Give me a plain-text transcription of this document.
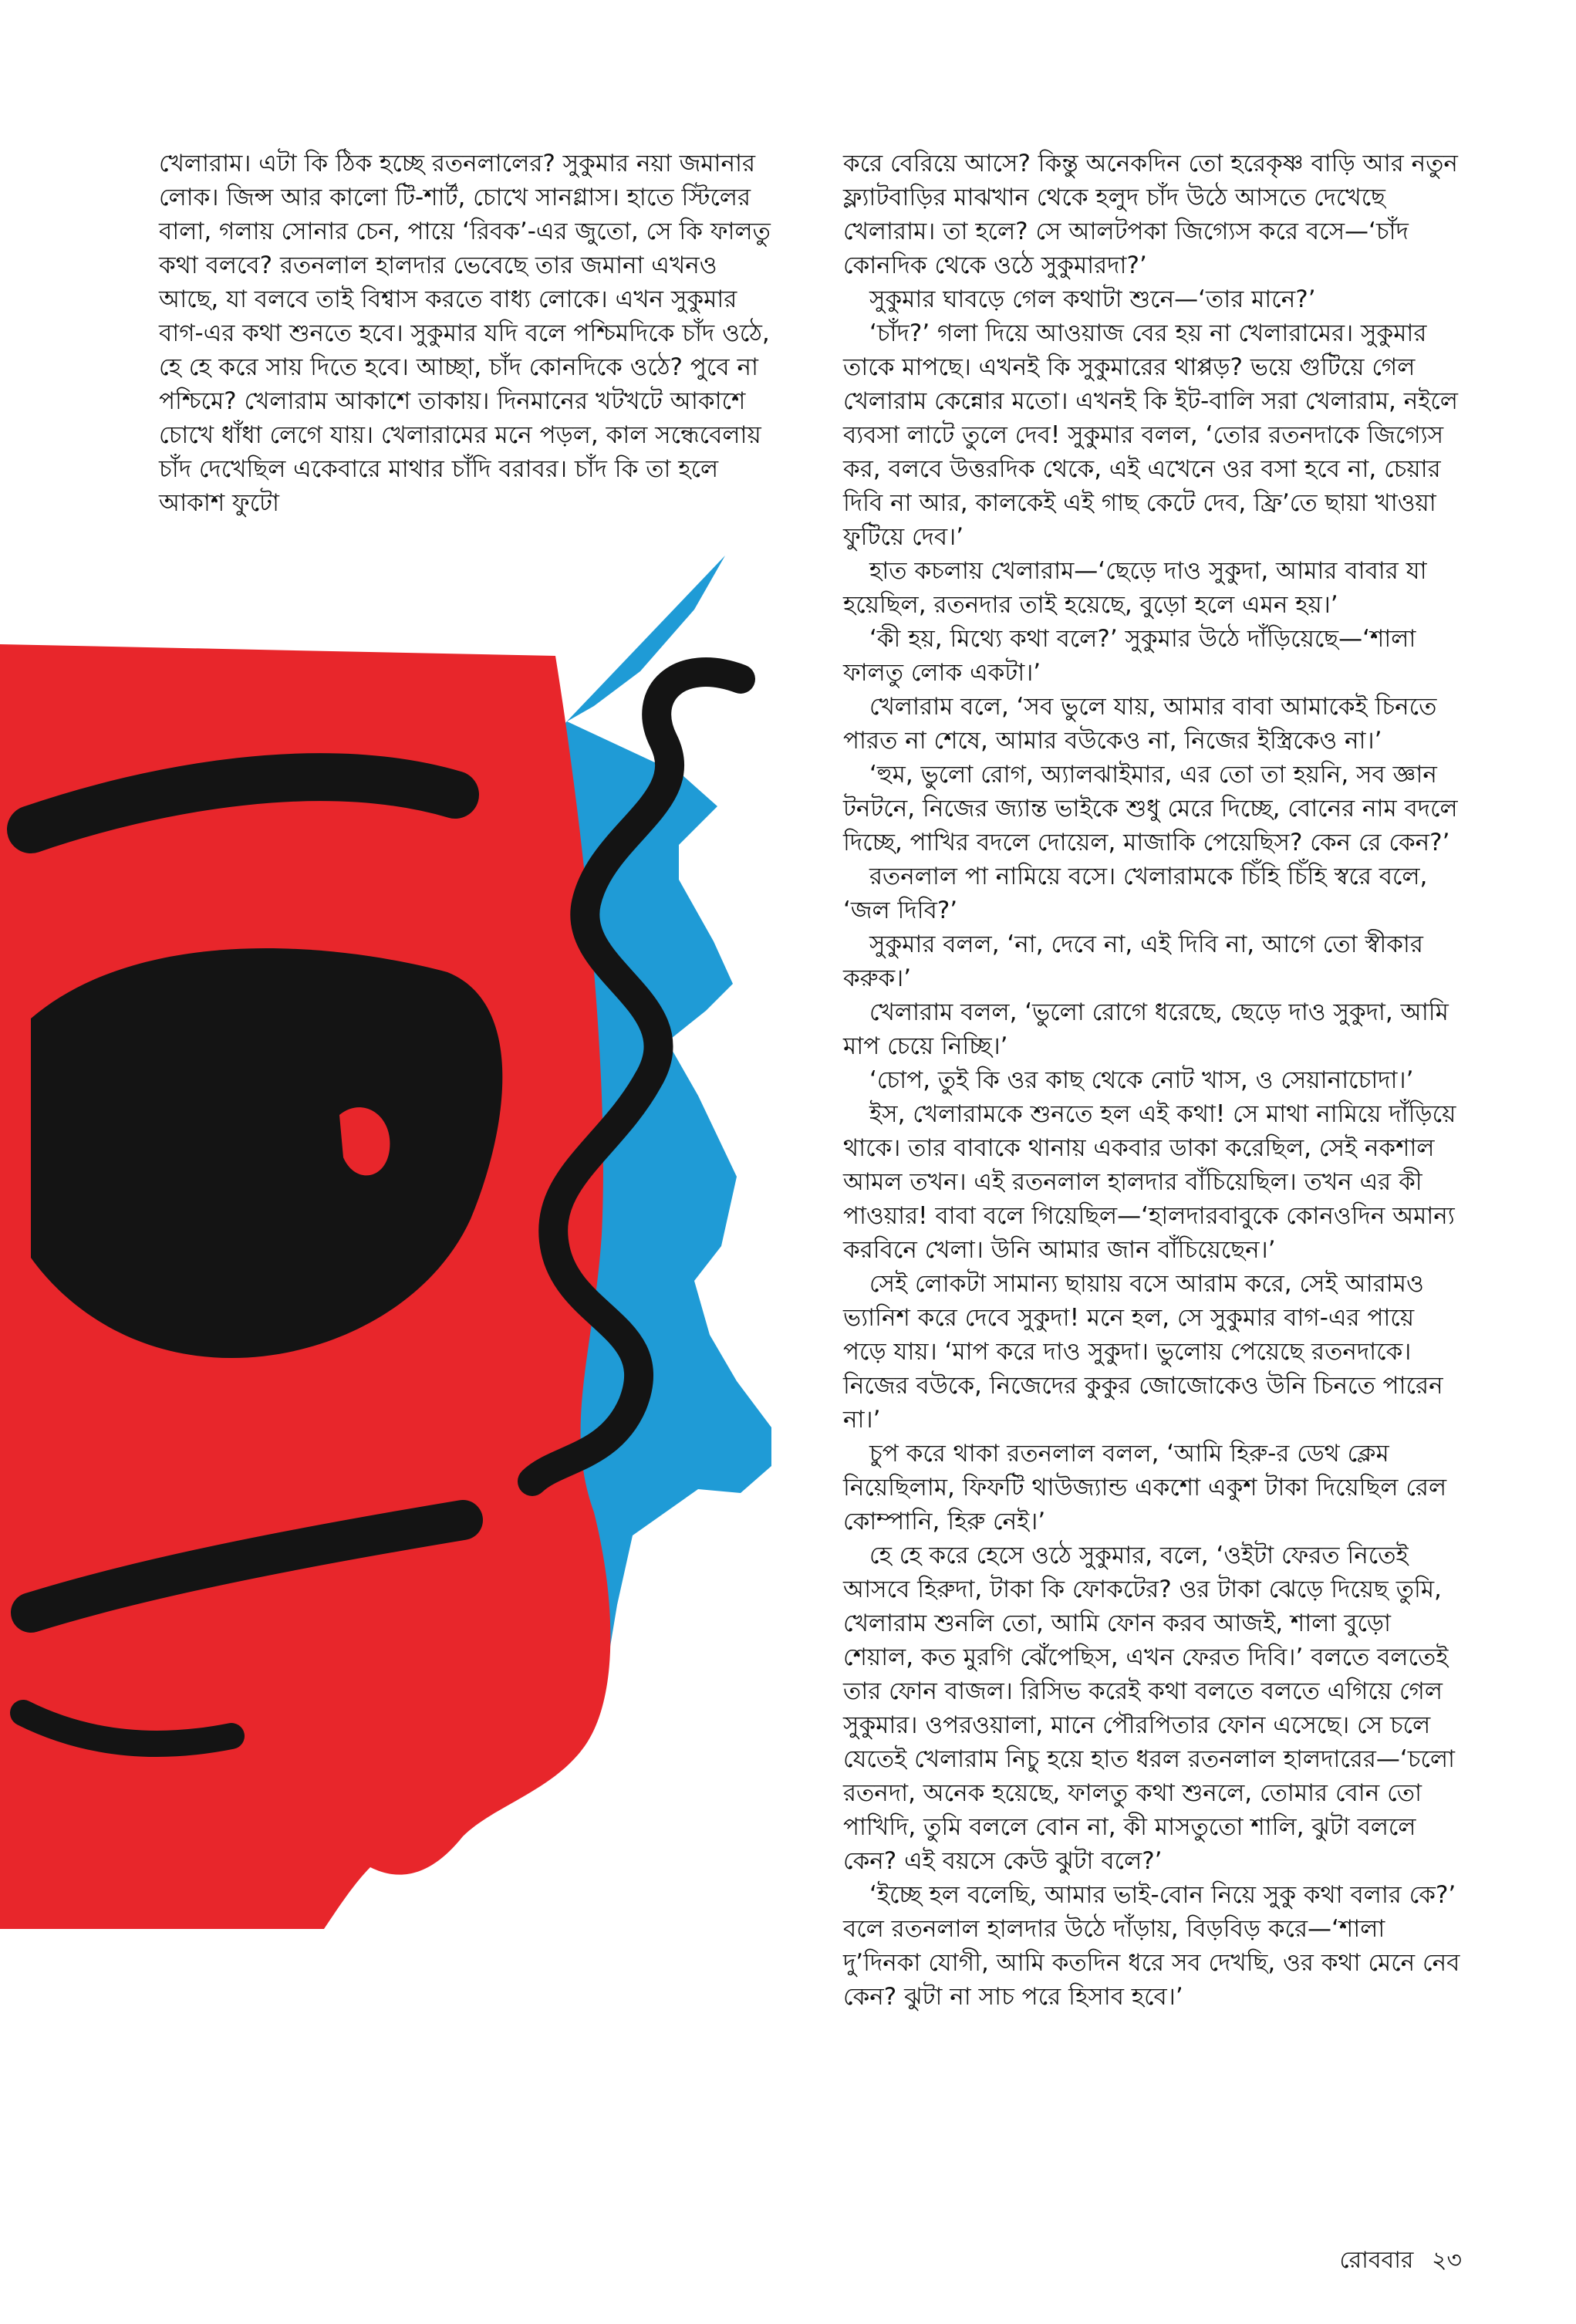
খেলারাম। এটা কি ঠিক হচ্ছে রতনলালের? সুকুমার নয়া জমানার লোক। জিন্স আর কালো টি-শার্ট, চোখে সানগ্লাস। হাতে স্টিলের বালা, গলায় সোনার চেন, পায়ে ‘রিবক’-এর জুতো, সে কি ফালতু কথা বলবে? রতনলাল হালদার ভেবেছে তার জমানা এখনও আছে, যা বলবে তাই বিশ্বাস করতে বাধ্য লোকে। এখন সুকুমার বাগ-এর কথা শুনতে হবে। সুকুমার যদি বলে পশ্চিমদিকে চাঁদ ওঠে, হে হে করে সায় দিতে হবে। আচ্ছা, চাঁদ কোনদিকে ওঠে? পুবে না পশ্চিমে? খেলারাম আকাশে তাকায়। দিনমানের খটখটে আকাশে চোখে ধাঁধা লেগে যায়। খেলারামের মনে পড়ল, কাল সন্ধেবেলায় চাঁদ দেখেছিল একেবারে মাথার চাঁদি বরাবর। চাঁদ কি তা হলে আকাশ ফুটো

করে বেরিয়ে আসে? কিন্তু অনেকদিন তো হরেকৃষ্ণ বাড়ি আর নতুন ফ্ল্যাটবাড়ির মাঝখান থেকে হলুদ চাঁদ উঠে আসতে দেখেছে খেলারাম। তা হলে? সে আলটপকা জিগ্যেস করে বসে—‘চাঁদ কোনদিক থেকে ওঠে সুকুমারদা?’

সুকুমার ঘাবড়ে গেল কথাটা শুনে—‘তার মানে?’

‘চাঁদ?’ গলা দিয়ে আওয়াজ বের হয় না খেলারামের। সুকুমার তাকে মাপছে। এখনই কি সুকুমারের থাপ্পড়? ভয়ে গুটিয়ে গেল খেলারাম কেন্নোর মতো। এখনই কি ইট-বালি সরা খেলারাম, নইলে ব্যবসা লাটে তুলে দেব! সুকুমার বলল, ‘তোর রতনদাকে জিগ্যেস কর, বলবে উত্তরদিক থেকে, এই এখেনে ওর বসা হবে না, চেয়ার দিবি না আর, কালকেই এই গাছ কেটে দেব, ফ্রি’তে ছায়া খাওয়া ফুটিয়ে দেব।’

হাত কচলায় খেলারাম—‘ছেড়ে দাও সুকুদা, আমার বাবার যা হয়েছিল, রতনদার তাই হয়েছে, বুড়ো হলে এমন হয়।’

‘কী হয়, মিথ্যে কথা বলে?’ সুকুমার উঠে দাঁড়িয়েছে—‘শালা ফালতু লোক একটা।’

খেলারাম বলে, ‘সব ভুলে যায়, আমার বাবা আমাকেই চিনতে পারত না শেষে, আমার বউকেও না, নিজের ইস্ত্রিকেও না।’

‘হুম, ভুলো রোগ, অ্যালঝাইমার, এর তো তা হয়নি, সব জ্ঞান টনটনে, নিজের জ্যান্ত ভাইকে শুধু মেরে দিচ্ছে, বোনের নাম বদলে দিচ্ছে, পাখির বদলে দোয়েল, মাজাকি পেয়েছিস? কেন রে কেন?’

রতনলাল পা নামিয়ে বসে। খেলারামকে চিঁহি চিঁহি স্বরে বলে, ‘জল দিবি?’

সুকুমার বলল, ‘না, দেবে না, এই দিবি না, আগে তো স্বীকার করুক।’

খেলারাম বলল, ‘ভুলো রোগে ধরেছে, ছেড়ে দাও সুকুদা, আমি মাপ চেয়ে নিচ্ছি।’

‘চোপ, তুই কি ওর কাছ থেকে নোট খাস, ও সেয়ানাচোদা।’

ইস, খেলারামকে শুনতে হল এই কথা! সে মাথা নামিয়ে দাঁড়িয়ে থাকে। তার বাবাকে থানায় একবার ডাকা করেছিল, সেই নকশাল আমল তখন। এই রতনলাল হালদার বাঁচিয়েছিল। তখন এর কী পাওয়ার! বাবা বলে গিয়েছিল—‘হালদারবাবুকে কোনওদিন অমান্য করবিনে খেলা। উনি আমার জান বাঁচিয়েছেন।’

সেই লোকটা সামান্য ছায়ায় বসে আরাম করে, সেই আরামও ভ্যানিশ করে দেবে সুকুদা! মনে হল, সে সুকুমার বাগ-এর পায়ে পড়ে যায়। ‘মাপ করে দাও সুকুদা। ভুলোয় পেয়েছে রতনদাকে। নিজের বউকে, নিজেদের কুকুর জোজোকেও উনি চিনতে পারেন না।’

চুপ করে থাকা রতনলাল বলল, ‘আমি হিরু-র ডেথ ক্লেম নিয়েছিলাম, ফিফটি থাউজ্যান্ড একশো একুশ টাকা দিয়েছিল রেল কোম্পানি, হিরু নেই।’

হে হে করে হেসে ওঠে সুকুমার, বলে, ‘ওইটা ফেরত নিতেই আসবে হিরুদা, টাকা কি ফোকটের? ওর টাকা ঝেড়ে দিয়েছ তুমি, খেলারাম শুনলি তো, আমি ফোন করব আজই, শালা বুড়ো শেয়াল, কত মুরগি ঝেঁপেছিস, এখন ফেরত দিবি।’ বলতে বলতেই তার ফোন বাজল। রিসিভ করেই কথা বলতে বলতে এগিয়ে গেল সুকুমার। ওপরওয়ালা, মানে পৌরপিতার ফোন এসেছে। সে চলে যেতেই খেলারাম নিচু হয়ে হাত ধরল রতনলাল হালদারের—‘চলো রতনদা, অনেক হয়েছে, ফালতু কথা শুনলে, তোমার বোন তো পাখিদি, তুমি বললে বোন না, কী মাসতুতো শালি, ঝুটা বললে কেন? এই বয়সে কেউ ঝুটা বলে?’

‘ইচ্ছে হল বলেছি, আমার ভাই-বোন নিয়ে সুকু কথা বলার কে?’ বলে রতনলাল হালদার উঠে দাঁড়ায়, বিড়বিড় করে—‘শালা দু’দিনকা যোগী, আমি কতদিন ধরে সব দেখছি, ওর কথা মেনে নেব কেন? ঝুটা না সাচ পরে হিসাব হবে।’

রোববার ২৩
